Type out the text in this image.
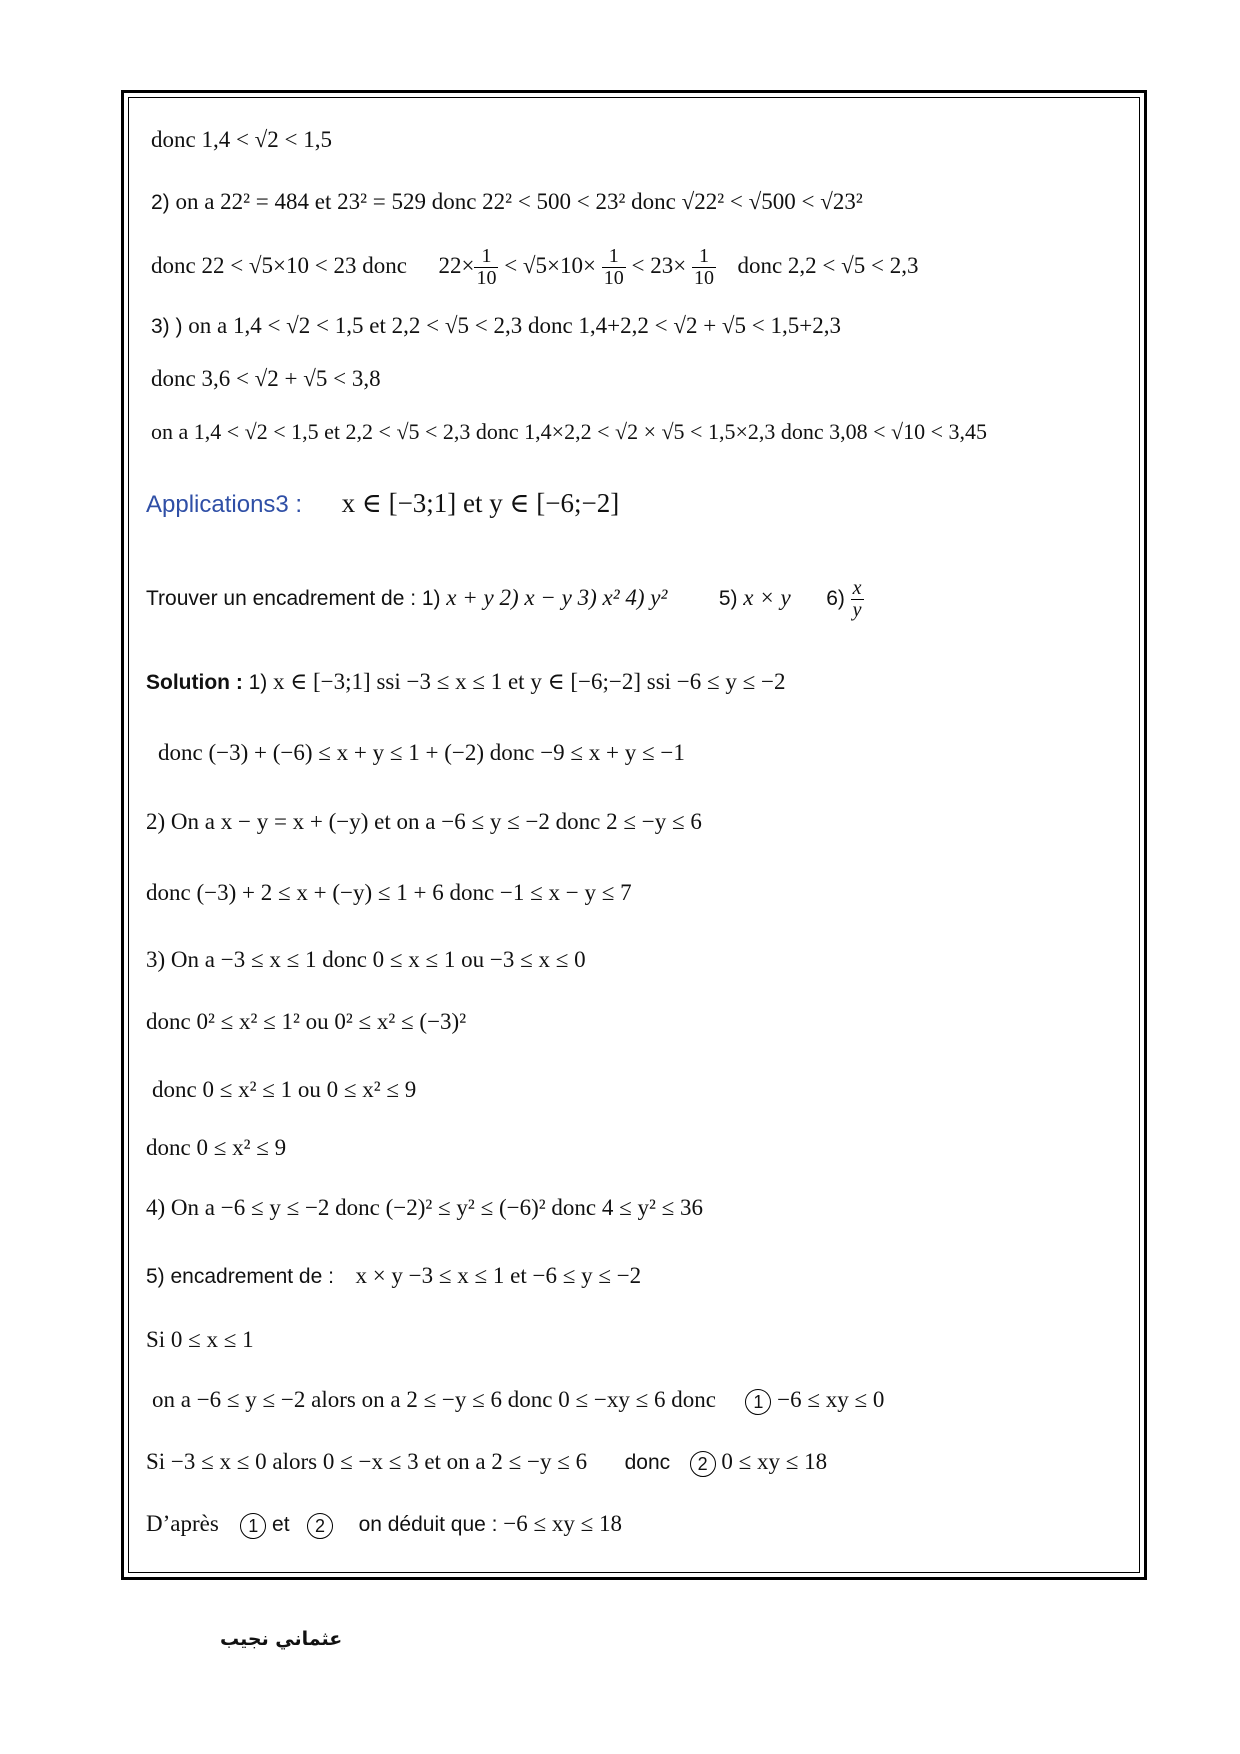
donc 1,4 < √2 < 1,5
2) on a 22² = 484 et 23² = 529 donc 22² < 500 < 23² donc √22² < √500 < √23²
donc 22 < √5×10 < 23 donc $22\times \frac{1}{10} < √5\times 10\times \frac{1}{10} < 23\times \frac{1}{10}$ donc 2,2 < √5 < 2,3
3) ) on a 1,4 < √2 < 1,5 et 2,2 < √5 < 2,3 donc 1,4+2,2 < √2 + √5 < 1,5+2,3
donc 3,6 < √2 + √5 < 3,8
on a 1,4 < √2 < 1,5 et 2,2 < √5 < 2,3 donc 1,4×2,2 < √2 × √5 < 1,5×2,3 donc 3,08 < √10 < 3,45
Applications3 : x ∈ [−3;1] et y ∈ [−6;−2]
Trouver un encadrement de : 1) x + y 2) x − y 3) x² 4) y² 5) x × y $6) \frac{x}{y}$
Solution : 1) x ∈ [−3;1] ssi −3 ≤ x ≤ 1 et y ∈ [−6;−2] ssi −6 ≤ y ≤ −2
donc (−3) + (−6) ≤ x + y ≤ 1 + (−2) donc −9 ≤ x + y ≤ −1
2) On a x − y = x + (−y) et on a −6 ≤ y ≤ −2 donc 2 ≤ −y ≤ 6
donc (−3) + 2 ≤ x + (−y) ≤ 1 + 6 donc −1 ≤ x − y ≤ 7
3) On a −3 ≤ x ≤ 1 donc 0 ≤ x ≤ 1 ou −3 ≤ x ≤ 0
donc 0² ≤ x² ≤ 1² ou 0² ≤ x² ≤ (−3)²
donc 0 ≤ x² ≤ 1 ou 0 ≤ x² ≤ 9
donc 0 ≤ x² ≤ 9
4) On a −6 ≤ y ≤ −2 donc (−2)² ≤ y² ≤ (−6)² donc 4 ≤ y² ≤ 36
5) encadrement de : x × y −3 ≤ x ≤ 1 et −6 ≤ y ≤ −2
Si 0 ≤ x ≤ 1
on a −6 ≤ y ≤ −2 alors on a 2 ≤ −y ≤ 6 donc 0 ≤ −xy ≤ 6 donc 1 −6 ≤ xy ≤ 0
Si −3 ≤ x ≤ 0 alors 0 ≤ −x ≤ 3 et on a 2 ≤ −y ≤ 6 donc 2 0 ≤ xy ≤ 18
D’après 1 et 2 on déduit que : −6 ≤ xy ≤ 18
عثماني نجيب
